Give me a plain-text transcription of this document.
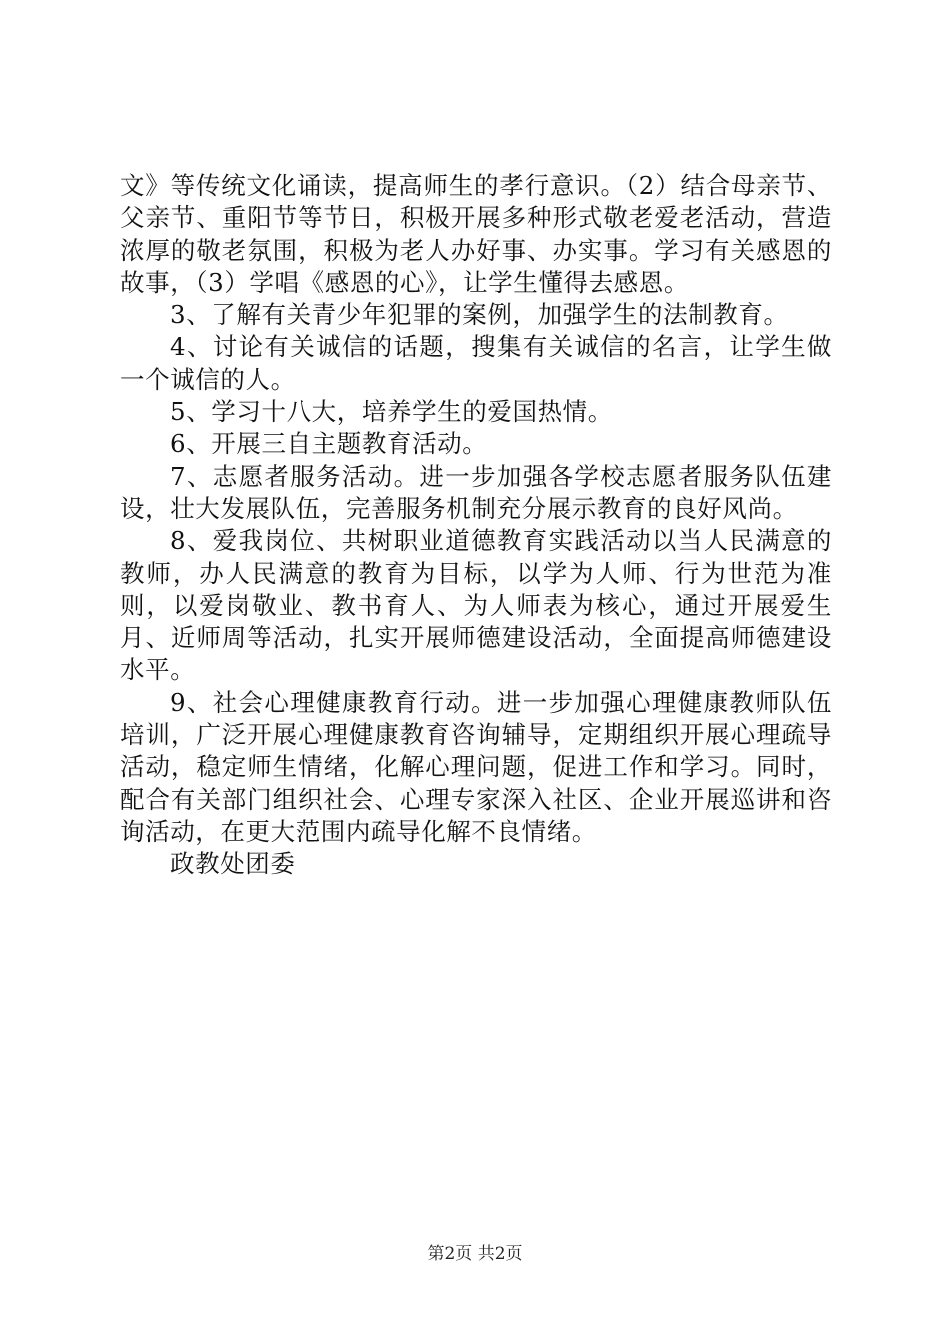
文》等传统文化诵读，提高师生的孝行意识。（2）结合母亲节、父亲节、重阳节等节日，积极开展多种形式敬老爱老活动，营造浓厚的敬老氛围，积极为老人办好事、办实事。学习有关感恩的故事，（3）学唱《感恩的心》，让学生懂得去感恩。

3、了解有关青少年犯罪的案例，加强学生的法制教育。

4、讨论有关诚信的话题，搜集有关诚信的名言，让学生做一个诚信的人。

5、学习十八大，培养学生的爱国热情。

6、开展三自主题教育活动。

7、志愿者服务活动。进一步加强各学校志愿者服务队伍建设，壮大发展队伍，完善服务机制充分展示教育的良好风尚。

8、爱我岗位、共树职业道德教育实践活动以当人民满意的教师，办人民满意的教育为目标，以学为人师、行为世范为准则，以爱岗敬业、教书育人、为人师表为核心，通过开展爱生月、近师周等活动，扎实开展师德建设活动，全面提高师德建设水平。

9、社会心理健康教育行动。进一步加强心理健康教师队伍培训，广泛开展心理健康教育咨询辅导，定期组织开展心理疏导活动，稳定师生情绪，化解心理问题，促进工作和学习。同时，配合有关部门组织社会、心理专家深入社区、企业开展巡讲和咨询活动，在更大范围内疏导化解不良情绪。

政教处团委

第2页 共2页
